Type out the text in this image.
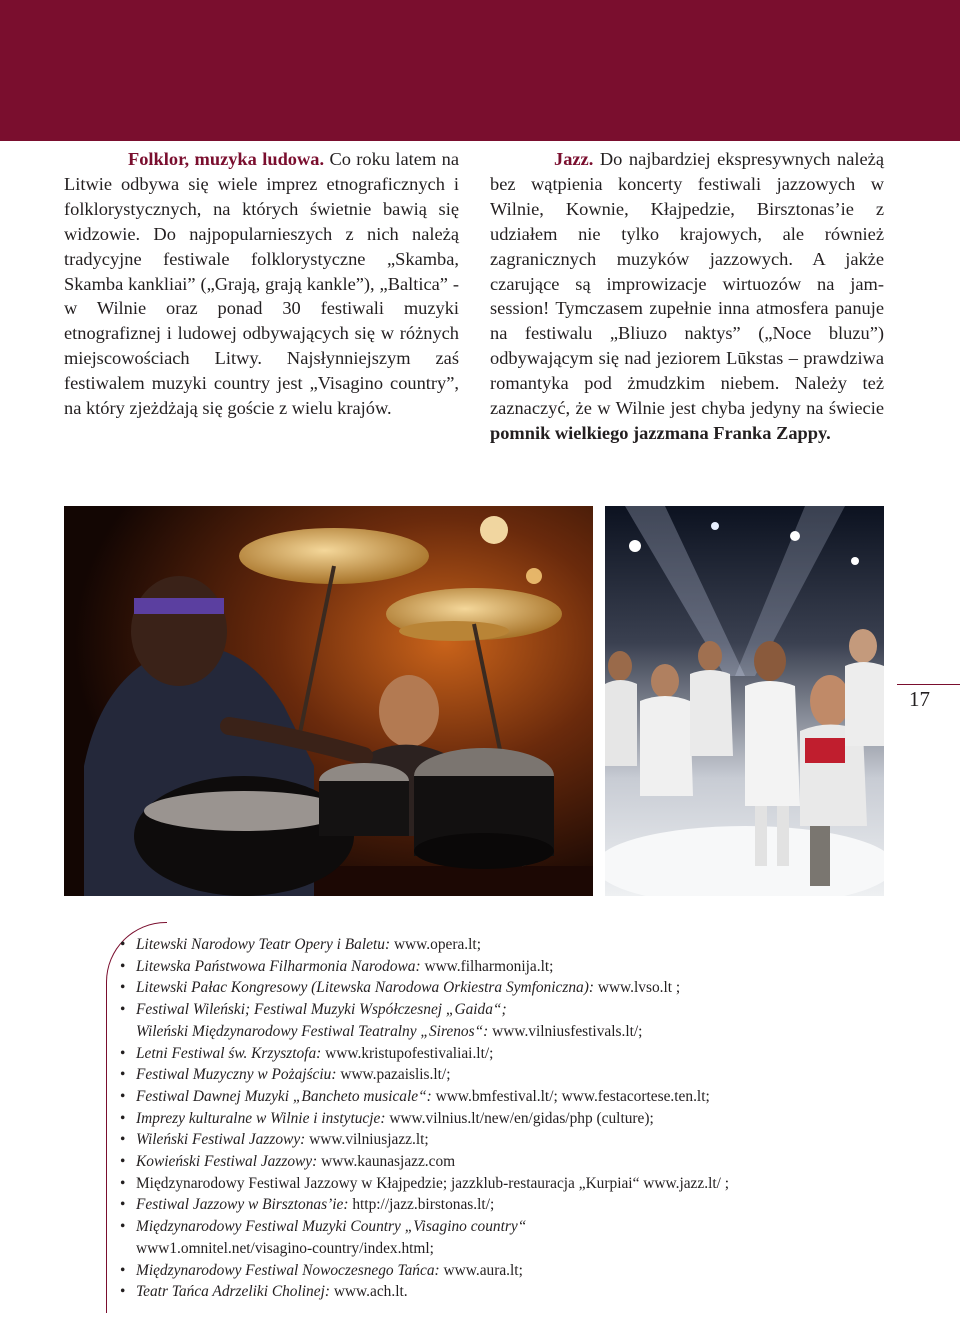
Folklor, muzyka ludowa. Co roku latem na Litwie odbywa się wiele imprez etnograficznych i folklorystycznych, na których świetnie bawią się widzowie. Do najpopularnieszych z nich należą tradycyjne festiwale folklorystyczne „Skamba, Skamba kankliai” („Grają, grają kankle”), „Baltica” - w Wilnie oraz ponad 30 festiwali muzyki etnografiznej i ludowej odbywających się w różnych miejscowościach Litwy. Najsłynniejszym zaś festiwalem muzyki country jest „Visagino country”, na który zjeżdżają się goście z wielu krajów.

Jazz. Do najbardziej ekspresywnych należą bez wątpienia koncerty festiwali jazzowych w Wilnie, Kownie, Kłajpedzie, Birsztonas’ie z udziałem nie tylko krajowych, ale również zagranicznych muzyków jazzowych. A jakże czarujące są improwizacje wirtuozów na jam-session! Tymczasem zupełnie inna atmosfera panuje na festiwalu „Bliuzo naktys” („Noce bluzu”) odbywającym się nad jeziorem Lūkstas – prawdziwa romantyka pod żmudzkim niebem. Należy też zaznaczyć, że w Wilnie jest chyba jedyny na świecie pomnik wielkiego jazzmana Franka Zappy.

17
• Litewski Narodowy Teatr Opery i Baletu: www.opera.lt;
• Litewska Państwowa Filharmonia Narodowa: www.filharmonija.lt;
• Litewski Pałac Kongresowy (Litewska Narodowa Orkiestra Symfoniczna): www.lvso.lt ;
• Festiwal Wileński; Festiwal Muzyki Współczesnej „Gaida“;
Wileński Międzynarodowy Festiwal Teatralny „Sirenos“: www.vilniusfestivals.lt/;
• Letni Festiwal św. Krzysztofa: www.kristupofestivaliai.lt/;
• Festiwal Muzyczny w Pożajściu: www.pazaislis.lt/;
• Festiwal Dawnej Muzyki „Bancheto musicale“: www.bmfestival.lt/; www.festacortese.ten.lt;
• Imprezy kulturalne w Wilnie i instytucje: www.vilnius.lt/new/en/gidas/php (culture);
• Wileński Festiwal Jazzowy: www.vilniusjazz.lt;
• Kowieński Festiwal Jazzowy: www.kaunasjazz.com
• Międzynarodowy Festiwal Jazzowy w Kłajpedzie; jazzklub-restauracja „Kurpiai“ www.jazz.lt/ ;
• Festiwal Jazzowy w Birsztonas’ie: http://jazz.birstonas.lt/;
• Międzynarodowy Festiwal Muzyki Country „Visagino country“
www1.omnitel.net/visagino-country/index.html;
• Międzynarodowy Festiwal Nowoczesnego Tańca: www.aura.lt;
• Teatr Tańca Adrzeliki Cholinej: www.ach.lt.
